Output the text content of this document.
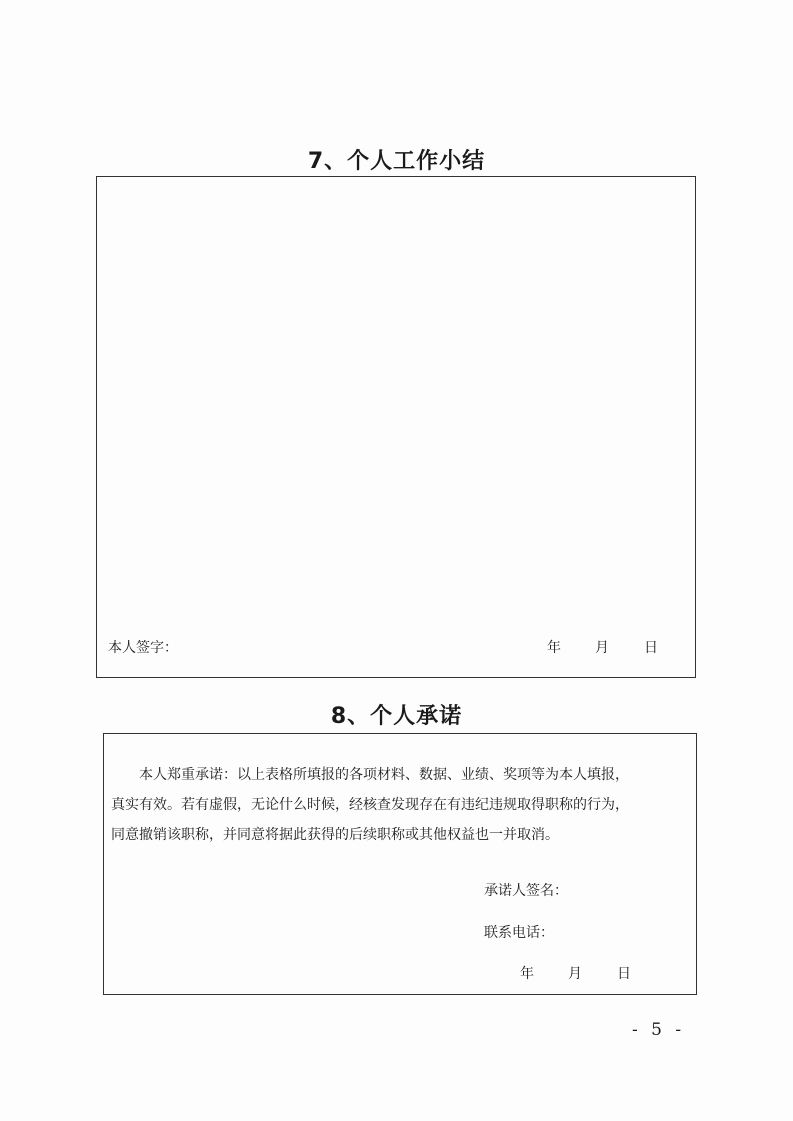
7、个人工作小结
本人签字：	年 月	日
8、个人承诺

本人郑重承诺：以上表格所填报的各项材料、数据、业绩、奖项等为本人填报，

真实有效。若有虚假，无论什么时候，经核查发现存在有违纪违规取得职称的行为，

同意撤销该职称，并同意将据此获得的后续职称或其他权益也一并取消。

承诺人签名：
联系电话：
年 月	日
- 5 -
